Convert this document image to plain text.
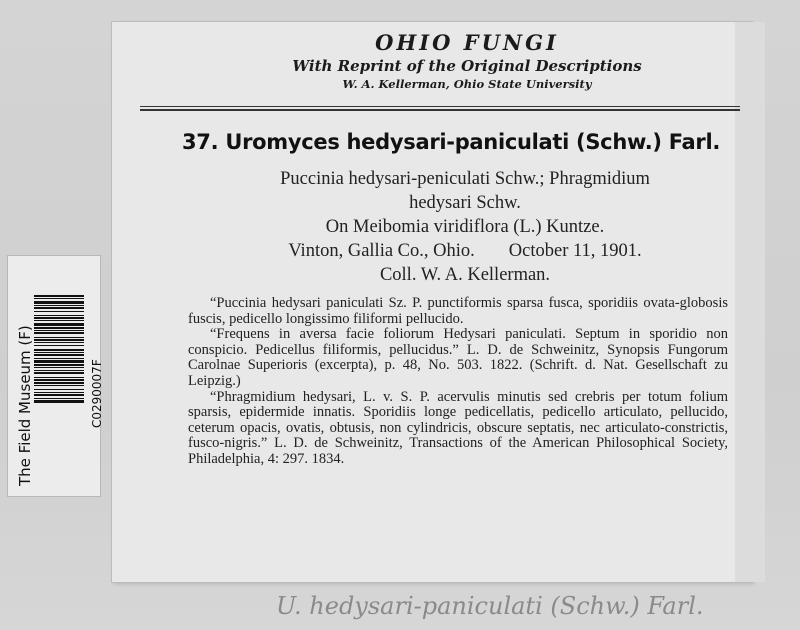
The Field Museum (F)	C0290007F
OHIO FUNGI
With Reprint of the Original Descriptions
W. A. Kellerman, Ohio State University
37. Uromyces hedysari-paniculati (Schw.) Farl.
Puccinia hedysari-peniculati Schw.; Phragmidium
hedysari Schw.
On Meibomia viridiflora (L.) Kuntze.
Vinton, Gallia Co., Ohio. October 11, 1901.
Coll. W. A. Kellerman.

“Puccinia hedysari paniculati Sz. P. punctiformis sparsa fusca, sporidiis ovata-globosis fuscis, pedicello longissimo filiformi pellucido.

“Frequens in aversa facie foliorum Hedysari paniculati. Septum in sporidio non conspicio. Pedicellus filiformis, pellucidus.” L. D. de Schweinitz, Synopsis Fungorum Carolnae Superioris (excerpta), p. 48, No. 503. 1822. (Schrift. d. Nat. Gesellschaft zu Leipzig.)

“Phragmidium hedysari, L. v. S. P. acervulis minutis sed crebris per totum folium sparsis, epidermide innatis. Sporidiis longe pedicellatis, pedicello articulato, pellucido, ceterum opacis, ovatis, obtusis, non cylindricis, obscure septatis, nec articulato-constrictis, fusco-nigris.” L. D. de Schweinitz, Transactions of the American Philosophical Society, Philadelphia, 4: 297. 1834.

U. hedysari-paniculati (Schw.) Farl.
